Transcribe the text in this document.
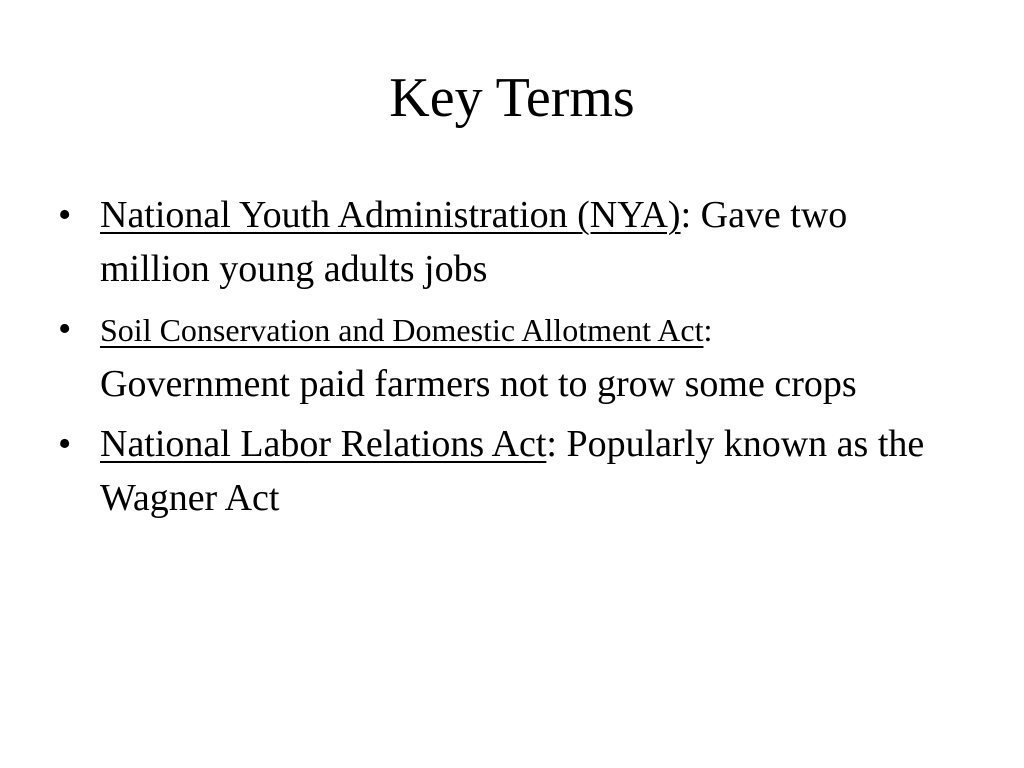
Key Terms
• National Youth Administration (NYA): Gave two million young adults jobs
• Soil Conservation and Domestic Allotment Act:
Government paid farmers not to grow some crops
• National Labor Relations Act: Popularly known as the Wagner Act
